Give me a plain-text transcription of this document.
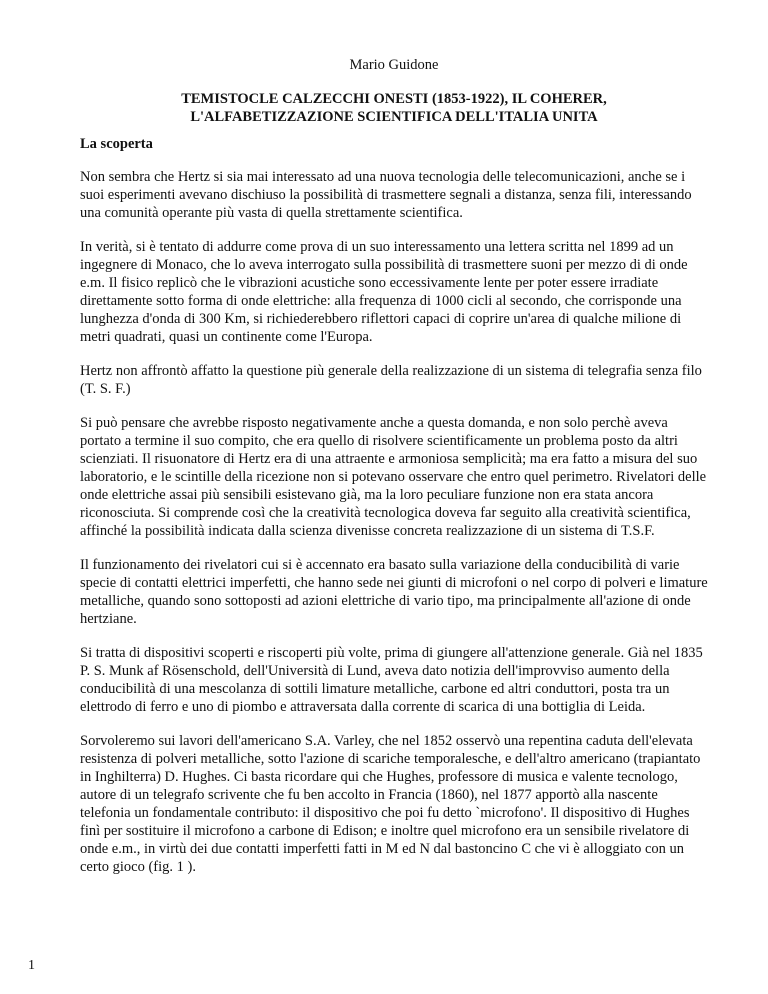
Mario Guidone

TEMISTOCLE CALZECCHI ONESTI (1853-1922), IL COHERER,
L'ALFABETIZZAZIONE SCIENTIFICA DELL'ITALIA UNITA

La scoperta

Non sembra che Hertz si sia mai interessato ad una nuova tecnologia delle telecomunicazioni, anche se i suoi esperimenti avevano dischiuso la possibilità di trasmettere segnali a distanza, senza fili, interessando una comunità operante più vasta di quella strettamente scientifica.

In verità, si è tentato di addurre come prova di un suo interessamento una lettera scritta nel 1899 ad un ingegnere di Monaco, che lo aveva interrogato sulla possibilità di trasmettere suoni per mezzo di di onde e.m. Il fisico replicò che le vibrazioni acustiche sono eccessivamente lente per poter essere irradiate direttamente sotto forma di onde elettriche: alla frequenza di 1000 cicli al secondo, che corrisponde una lunghezza d'onda di 300 Km, si richiederebbero riflettori capaci di coprire un'area di qualche milione di metri quadrati, quasi un continente come l'Europa.

Hertz non affrontò affatto la questione più generale della realizzazione di un sistema di telegrafia senza filo (T. S. F.)

Si può pensare che avrebbe risposto negativamente anche a questa domanda, e non solo perchè aveva portato a termine il suo compito, che era quello di risolvere scientificamente un problema posto da altri scienziati. Il risuonatore di Hertz era di una attraente e armoniosa semplicità; ma era fatto a misura del suo laboratorio, e le scintille della ricezione non si potevano osservare che entro quel perimetro. Rivelatori delle onde elettriche assai più sensibili esistevano già, ma la loro peculiare funzione non era stata ancora riconosciuta. Si comprende così che la creatività tecnologica doveva far seguito alla creatività scientifica, affinché la possibilità indicata dalla scienza divenisse concreta realizzazione di un sistema di T.S.F.

Il funzionamento dei rivelatori cui si è accennato era basato sulla variazione della conducibilità di varie specie di contatti elettrici imperfetti, che hanno sede nei giunti di microfoni o nel corpo di polveri e limature metalliche, quando sono sottoposti ad azioni elettriche di vario tipo, ma principalmente all'azione di onde hertziane.

Si tratta di dispositivi scoperti e riscoperti più volte, prima di giungere all'attenzione generale. Già nel 1835 P. S. Munk af Rösenschold, dell'Università di Lund, aveva dato notizia dell'improvviso aumento della conducibilità di una mescolanza di sottili limature metalliche, carbone ed altri conduttori, posta tra un elettrodo di ferro e uno di piombo e attraversata dalla corrente di scarica di una bottiglia di Leida.

Sorvoleremo sui lavori dell'americano S.A. Varley, che nel 1852 osservò una repentina caduta dell'elevata resistenza di polveri metalliche, sotto l'azione di scariche temporalesche, e dell'altro americano (trapiantato in Inghilterra) D. Hughes. Ci basta ricordare qui che Hughes, professore di musica e valente tecnologo, autore di un telegrafo scrivente che fu ben accolto in Francia (1860), nel 1877 apportò alla nascente telefonia un fondamentale contributo: il dispositivo che poi fu detto `microfono'. Il dispositivo di Hughes finì per sostituire il microfono a carbone di Edison; e inoltre quel microfono era un sensibile rivelatore di onde e.m., in virtù dei due contatti imperfetti fatti in M ed N dal bastoncino C che vi è alloggiato con un certo gioco (fig. 1 ).

1
